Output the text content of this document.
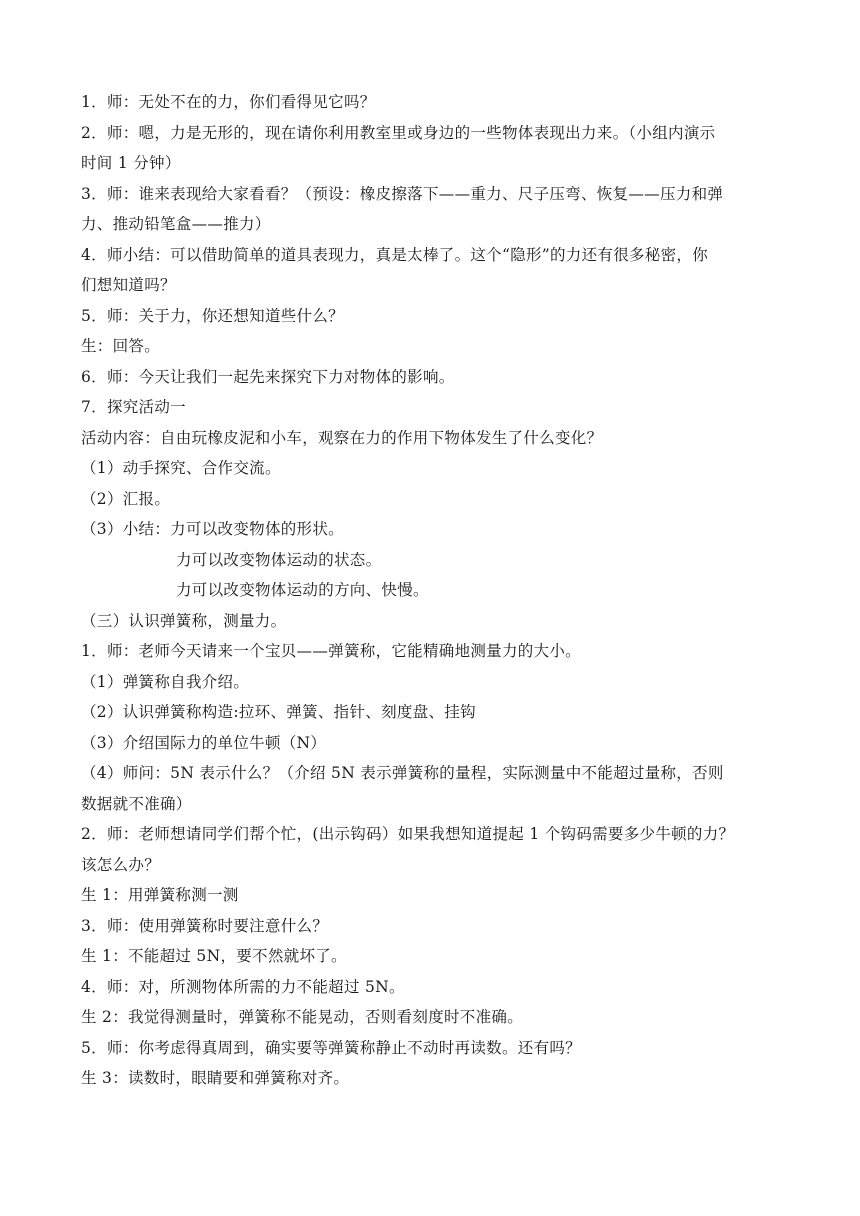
1．师：无处不在的力，你们看得见它吗？
2．师：嗯，力是无形的，现在请你利用教室里或身边的一些物体表现出力来。（小组内演示
时间 1 分钟）
3．师：谁来表现给大家看看？（预设：橡皮擦落下——重力、尺子压弯、恢复——压力和弹
力、推动铅笔盒——推力）
4．师小结：可以借助简单的道具表现力，真是太棒了。这个“隐形”的力还有很多秘密，你
们想知道吗？
5．师：关于力，你还想知道些什么？
生：回答。
6．师：今天让我们一起先来探究下力对物体的影响。
7．探究活动一
活动内容：自由玩橡皮泥和小车，观察在力的作用下物体发生了什么变化？
（1）动手探究、合作交流。
（2）汇报。
（3）小结：力可以改变物体的形状。
力可以改变物体运动的状态。
力可以改变物体运动的方向、快慢。
（三）认识弹簧称，测量力。
1．师：老师今天请来一个宝贝——弹簧称，它能精确地测量力的大小。
（1）弹簧称自我介绍。
（2）认识弹簧称构造:拉环、弹簧、指针、刻度盘、挂钩
（3）介绍国际力的单位牛顿（N）
（4）师问：5N 表示什么？（介绍 5N 表示弹簧称的量程，实际测量中不能超过量称，否则
数据就不准确）
2．师：老师想请同学们帮个忙，(出示钩码）如果我想知道提起 1 个钩码需要多少牛顿的力？
该怎么办？
生 1：用弹簧称测一测
3．师：使用弹簧称时要注意什么？
生 1：不能超过 5N，要不然就坏了。
4．师：对，所测物体所需的力不能超过 5N。
生 2：我觉得测量时，弹簧称不能晃动，否则看刻度时不准确。
5．师：你考虑得真周到，确实要等弹簧称静止不动时再读数。还有吗？
生 3：读数时，眼睛要和弹簧称对齐。
